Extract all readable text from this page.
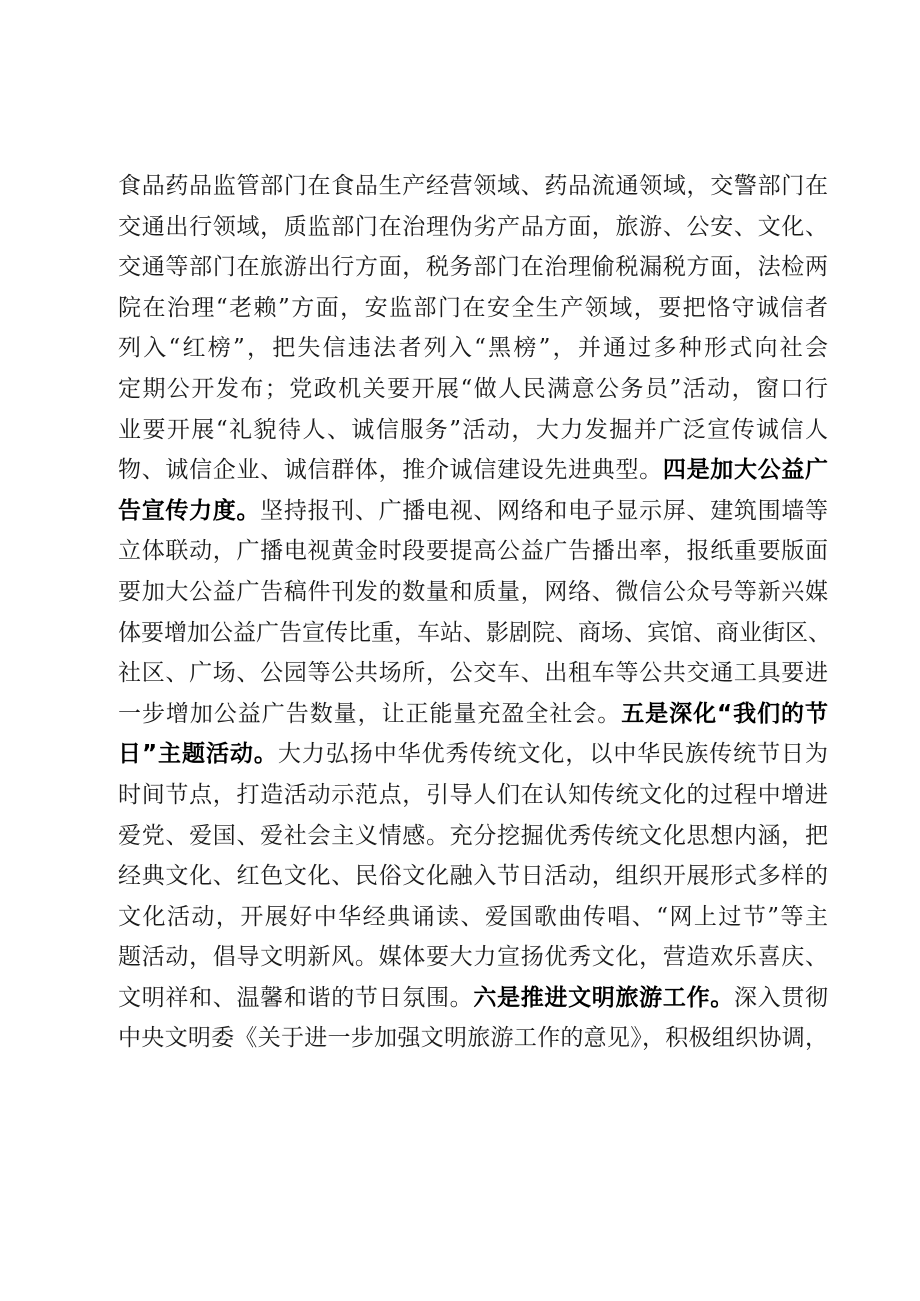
食品药品监管部门在食品生产经营领域、药品流通领域，交警部门在
交通出行领域，质监部门在治理伪劣产品方面，旅游、公安、文化、
交通等部门在旅游出行方面，税务部门在治理偷税漏税方面，法检两
院在治理“老赖”方面，安监部门在安全生产领域，要把恪守诚信者
列入“红榜”，把失信违法者列入“黑榜”，并通过多种形式向社会
定期公开发布；党政机关要开展“做人民满意公务员”活动，窗口行
业要开展“礼貌待人、诚信服务”活动，大力发掘并广泛宣传诚信人
物、诚信企业、诚信群体，推介诚信建设先进典型。四是加大公益广
告宣传力度。坚持报刊、广播电视、网络和电子显示屏、建筑围墙等
立体联动，广播电视黄金时段要提高公益广告播出率，报纸重要版面
要加大公益广告稿件刊发的数量和质量，网络、微信公众号等新兴媒
体要增加公益广告宣传比重，车站、影剧院、商场、宾馆、商业街区、
社区、广场、公园等公共场所，公交车、出租车等公共交通工具要进
一步增加公益广告数量，让正能量充盈全社会。五是深化“我们的节
日”主题活动。大力弘扬中华优秀传统文化，以中华民族传统节日为
时间节点，打造活动示范点，引导人们在认知传统文化的过程中增进
爱党、爱国、爱社会主义情感。充分挖掘优秀传统文化思想内涵，把
经典文化、红色文化、民俗文化融入节日活动，组织开展形式多样的
文化活动，开展好中华经典诵读、爱国歌曲传唱、“网上过节”等主
题活动，倡导文明新风。媒体要大力宣扬优秀文化，营造欢乐喜庆、
文明祥和、温馨和谐的节日氛围。六是推进文明旅游工作。深入贯彻
中央文明委《关于进一步加强文明旅游工作的意见》，积极组织协调，
